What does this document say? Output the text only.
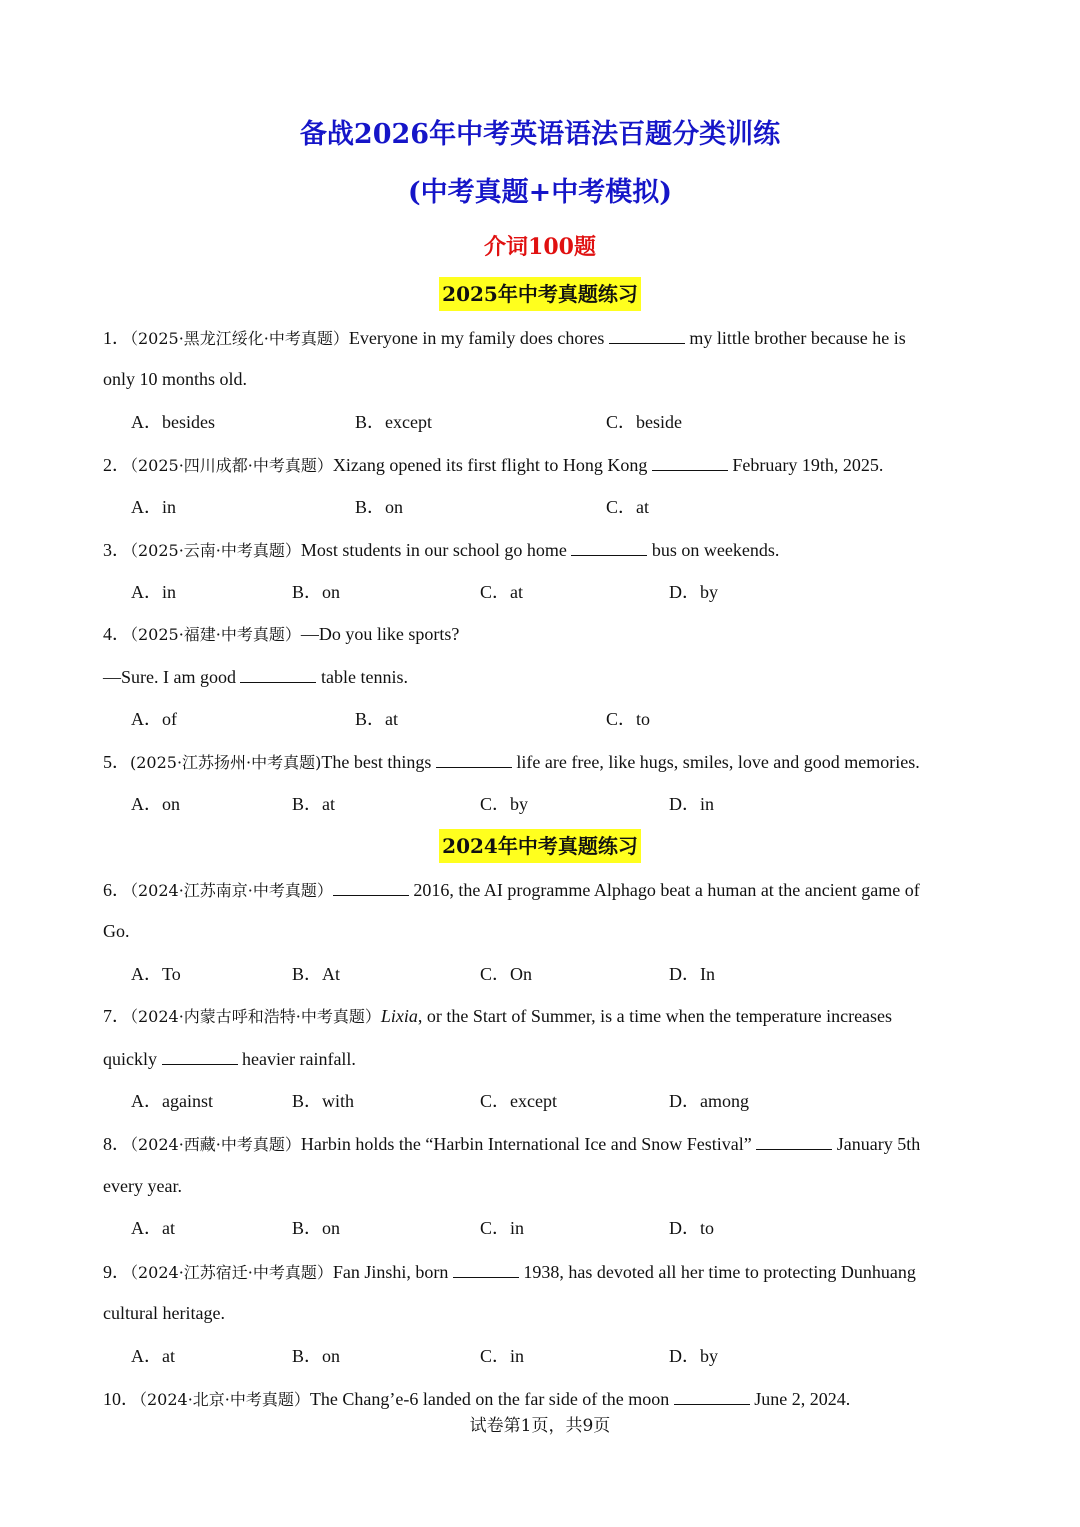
备战2026年中考英语语法百题分类训练
(中考真题+中考模拟)
介词100题
2025年中考真题练习
1．（2025·黑龙江绥化·中考真题）Everyone in my family does chores	my little brother because he is
only 10 months old.
A．besides	B．except	C．beside
2．（2025·四川成都·中考真题）Xizang opened its first flight to Hong Kong	February 19th, 2025.
A．in	B．on	C．at
3．（2025·云南·中考真题）Most students in our school go home	bus on weekends.
A．in	B．on	C．at	D．by
4．（2025·福建·中考真题）—Do you like sports?
—Sure. I am good	table tennis.
A．of	B．at	C．to
5．(2025·江苏扬州·中考真题)The best things	life are free, like hugs, smiles, love and good memories.
A．on	B．at	C．by	D．in
2024年中考真题练习
6．（2024·江苏南京·中考真题）	2016, the AI programme Alphago beat a human at the ancient game of
Go.
A．To	B．At	C．On	D．In
7．（2024·内蒙古呼和浩特·中考真题）Lixia, or the Start of Summer, is a time when the temperature increases
quickly	heavier rainfall.
A．against	B．with	C．except	D．among
8．（2024·西藏·中考真题）Harbin holds the “Harbin International Ice and Snow Festival”	January 5th
every year.
A．at	B．on	C．in	D．to
9．（2024·江苏宿迁·中考真题）Fan Jinshi, born	1938, has devoted all her time to protecting Dunhuang
cultural heritage.
A．at	B．on	C．in	D．by
10．（2024·北京·中考真题）The Chang’e-6 landed on the far side of the moon	June 2, 2024.
试卷第1页，共9页
